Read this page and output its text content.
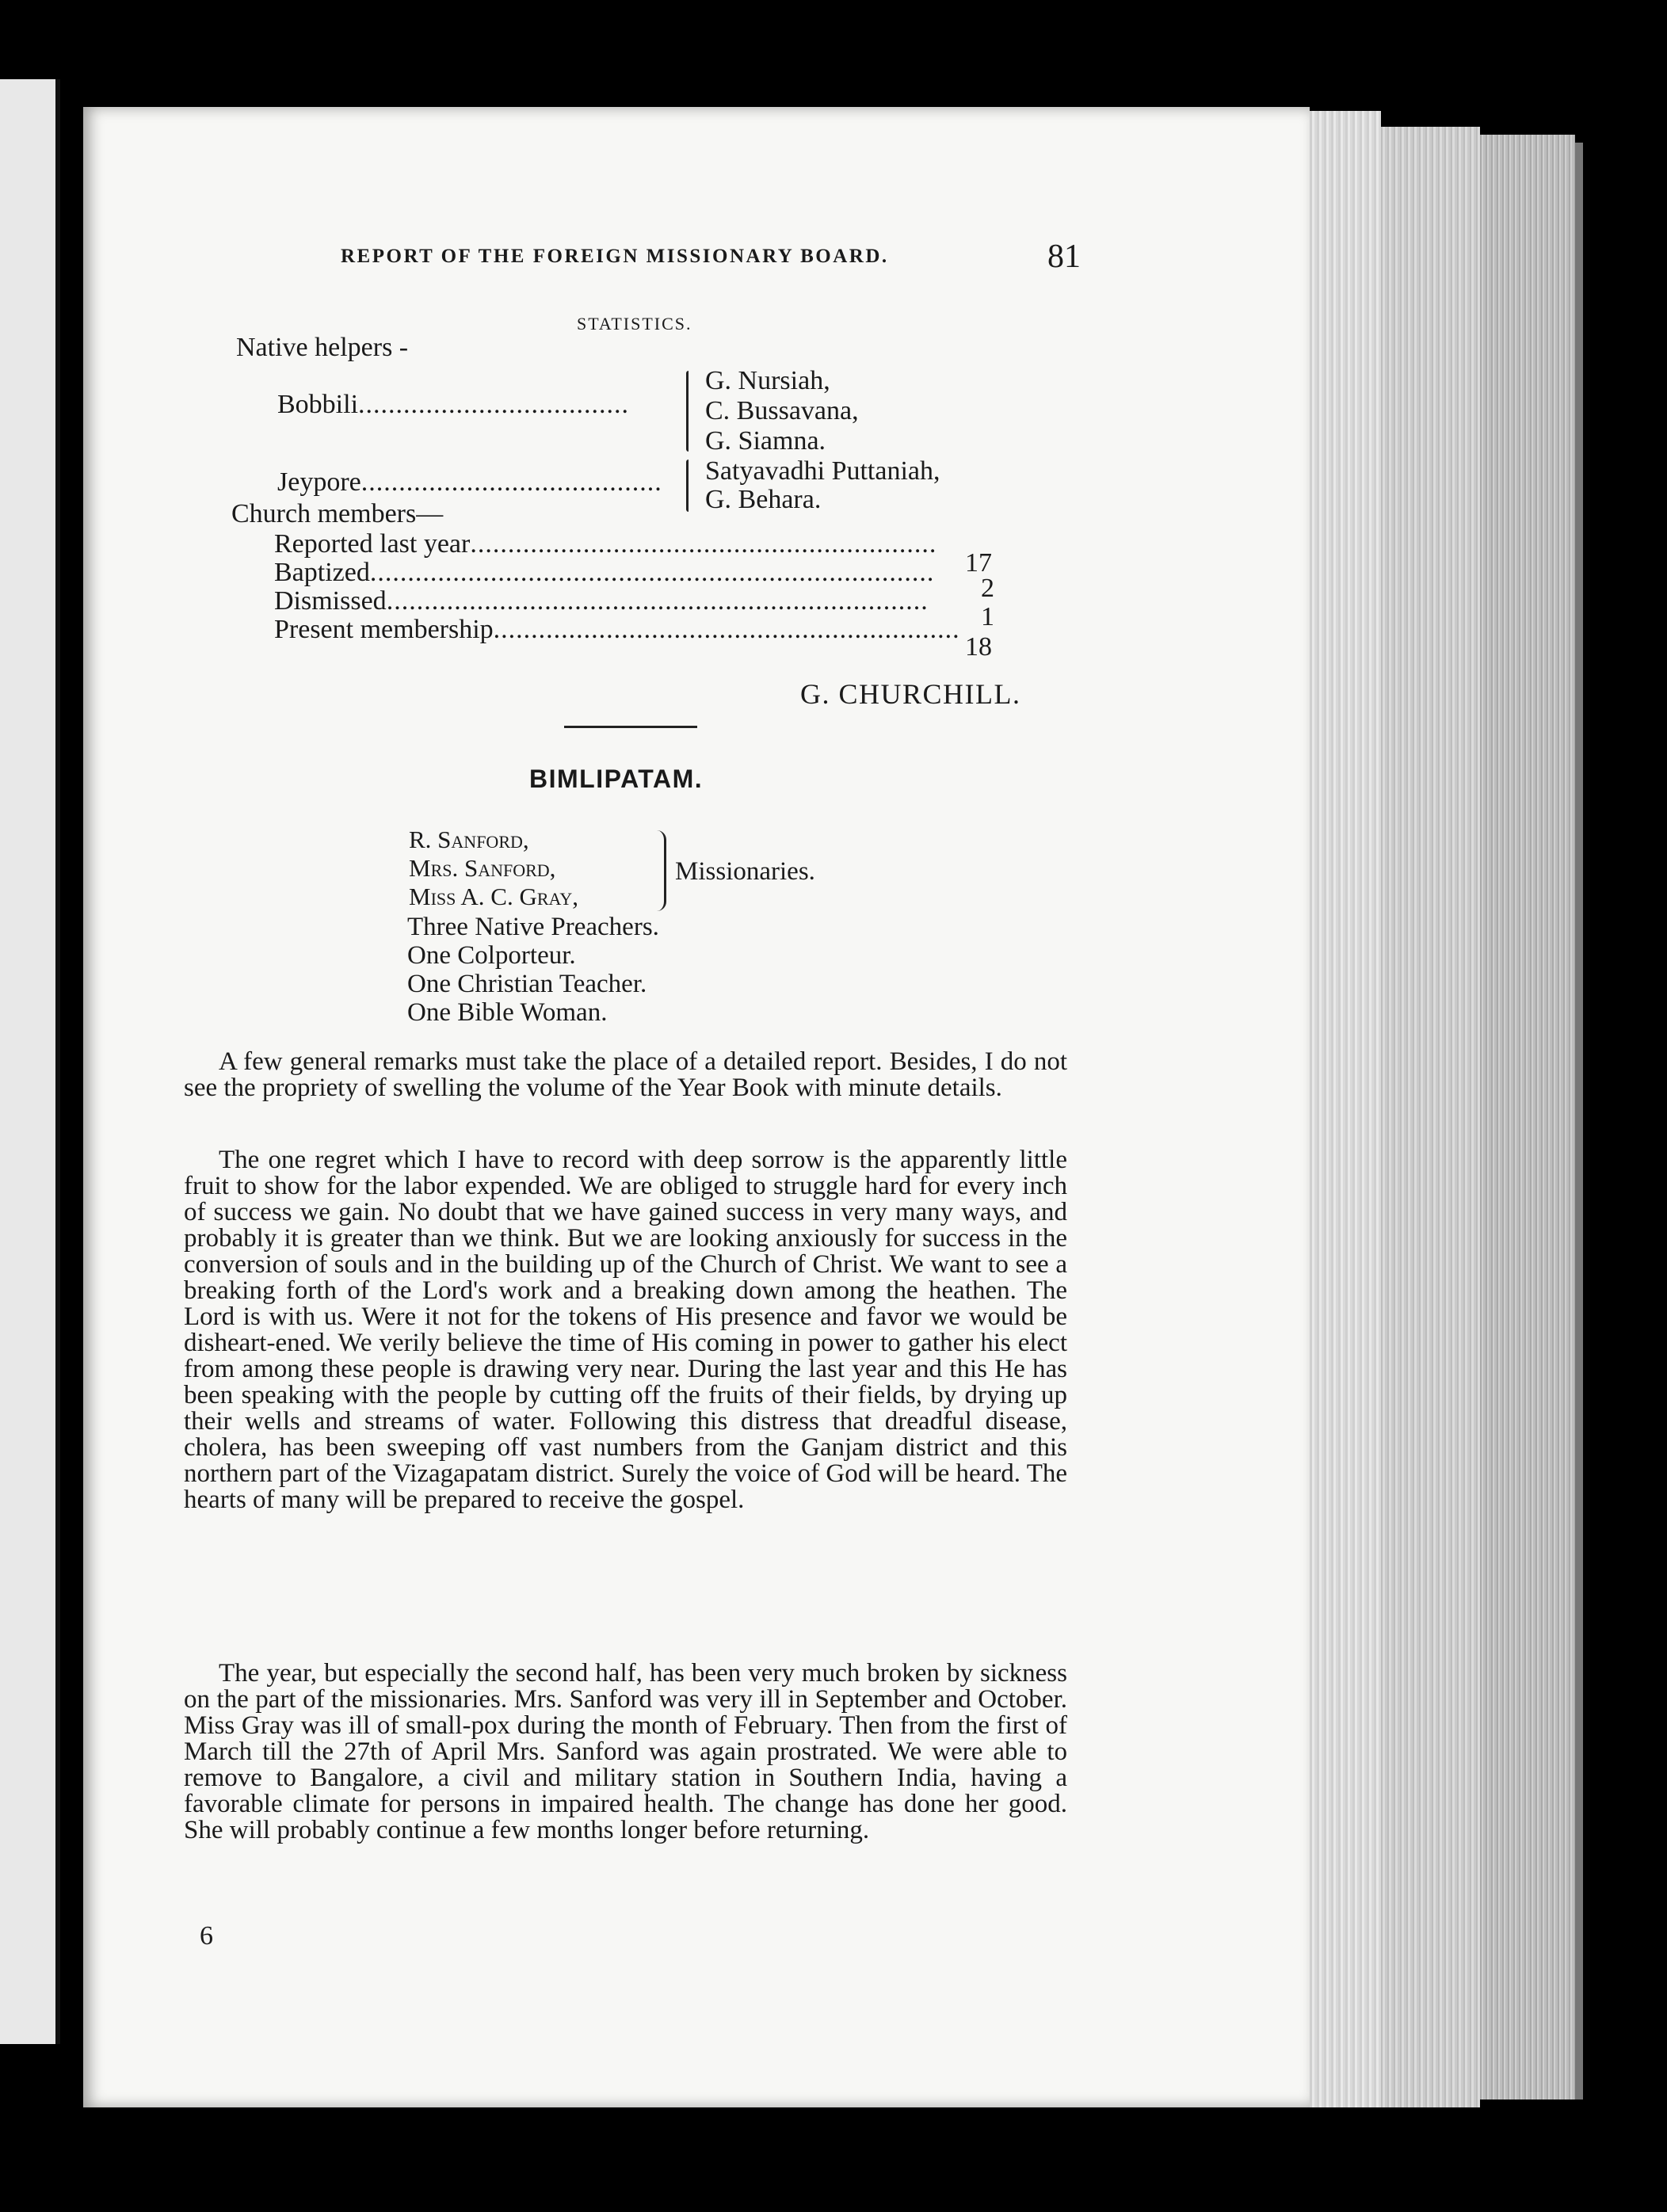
REPORT OF THE FOREIGN MISSIONARY BOARD.	81
STATISTICS.
Native helpers -
Bobbili....................................
G. Nursiah,
C. Bussavana,
G. Siamna.
Jeypore........................................ Satyavadhi Puttaniah,
G. Behara.
Church members—
Reported last year..............................................................
17
Baptized...........................................................................
2
Dismissed........................................................................
1
Present membership..............................................................
18
G. CHURCHILL.
BIMLIPATAM.
R. Sanford,
Mrs. Sanford,
Miss A. C. Gray,
Missionaries.
Three Native Preachers.
One Colporteur.
One Christian Teacher.
One Bible Woman.

A few general remarks must take the place of a detailed report. Besides, I do not see the propriety of swelling the volume of the Year Book with minute details.

The one regret which I have to record with deep sorrow is the apparently little fruit to show for the labor expended. We are obliged to struggle hard for every inch of success we gain. No doubt that we have gained success in very many ways, and probably it is greater than we think. But we are looking anxiously for success in the conversion of souls and in the building up of the Church of Christ. We want to see a breaking forth of the Lord's work and a breaking down among the heathen. The Lord is with us. Were it not for the tokens of His presence and favor we would be disheart-ened. We verily believe the time of His coming in power to gather his elect from among these people is drawing very near. During the last year and this He has been speaking with the people by cutting off the fruits of their fields, by drying up their wells and streams of water. Following this distress that dreadful disease, cholera, has been sweeping off vast numbers from the Ganjam district and this northern part of the Vizagapatam district. Surely the voice of God will be heard. The hearts of many will be prepared to receive the gospel.

The year, but especially the second half, has been very much broken by sickness on the part of the missionaries. Mrs. Sanford was very ill in September and October. Miss Gray was ill of small-pox during the month of February. Then from the first of March till the 27th of April Mrs. Sanford was again prostrated. We were able to remove to Bangalore, a civil and military station in Southern India, having a favorable climate for persons in impaired health. The change has done her good. She will probably continue a few months longer before returning.

6
